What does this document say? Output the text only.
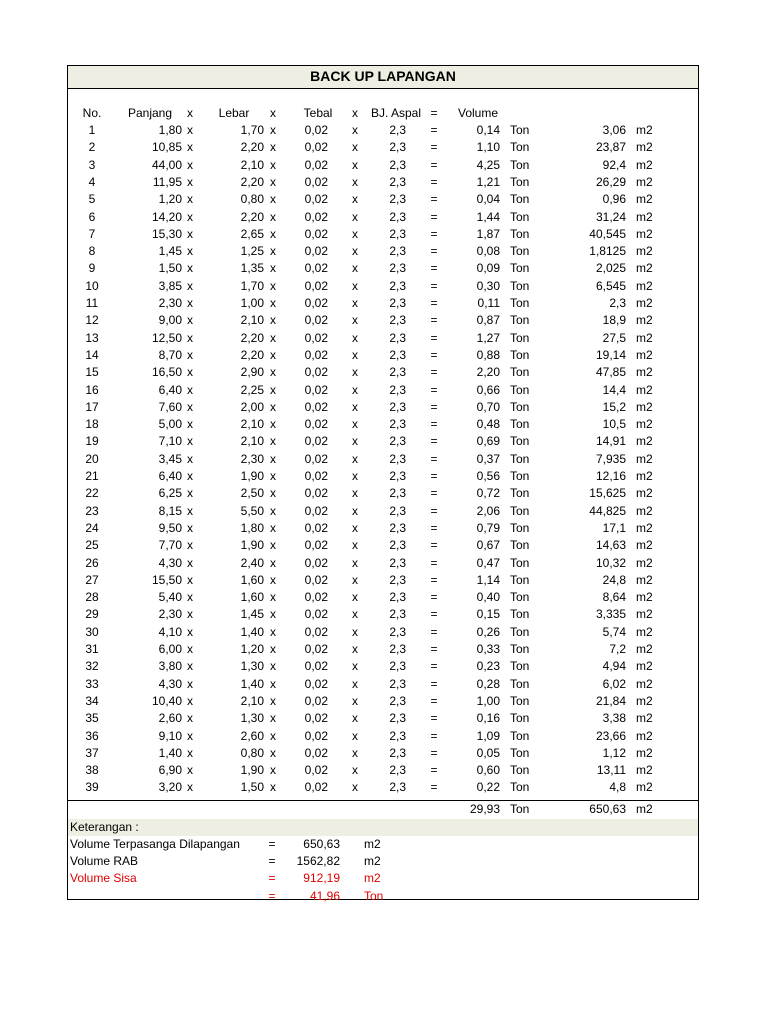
BACK UP LAPANGAN
No.	Panjang	x	Lebar	x	Tebal	x	BJ. Aspal =	Volume
1	1,80 x	1,70 x	0,02	x	2,3	=	0,14 Ton	3,06 m2
2	10,85 x	2,20 x	0,02	x	2,3	=	1,10 Ton	23,87 m2
3	44,00 x	2,10 x	0,02	x	2,3	=	4,25 Ton	92,4 m2
4	11,95 x	2,20 x	0,02	x	2,3	=	1,21 Ton	26,29 m2
5	1,20 x	0,80 x	0,02	x	2,3	=	0,04 Ton	0,96 m2
6	14,20 x	2,20 x	0,02	x	2,3	=	1,44 Ton	31,24 m2
7	15,30 x	2,65 x	0,02	x	2,3	=	1,87 Ton	40,545 m2
8	1,45 x	1,25 x	0,02	x	2,3	=	0,08 Ton	1,8125 m2
9	1,50 x	1,35 x	0,02	x	2,3	=	0,09 Ton	2,025 m2
10	3,85 x	1,70 x	0,02	x	2,3	=	0,30 Ton	6,545 m2
11	2,30 x	1,00 x	0,02	x	2,3	=	0,11 Ton	2,3 m2
12	9,00 x	2,10 x	0,02	x	2,3	=	0,87 Ton	18,9 m2
13	12,50 x	2,20 x	0,02	x	2,3	=	1,27 Ton	27,5 m2
14	8,70 x	2,20 x	0,02	x	2,3	=	0,88 Ton	19,14 m2
15	16,50 x	2,90 x	0,02	x	2,3	=	2,20 Ton	47,85 m2
16	6,40 x	2,25 x	0,02	x	2,3	=	0,66 Ton	14,4 m2
17	7,60 x	2,00 x	0,02	x	2,3	=	0,70 Ton	15,2 m2
18	5,00 x	2,10 x	0,02	x	2,3	=	0,48 Ton	10,5 m2
19	7,10 x	2,10 x	0,02	x	2,3	=	0,69 Ton	14,91 m2
20	3,45 x	2,30 x	0,02	x	2,3	=	0,37 Ton	7,935 m2
21	6,40 x	1,90 x	0,02	x	2,3	=	0,56 Ton	12,16 m2
22	6,25 x	2,50 x	0,02	x	2,3	=	0,72 Ton	15,625 m2
23	8,15 x	5,50 x	0,02	x	2,3	=	2,06 Ton	44,825 m2
24	9,50 x	1,80 x	0,02	x	2,3	=	0,79 Ton	17,1 m2
25	7,70 x	1,90 x	0,02	x	2,3	=	0,67 Ton	14,63 m2
26	4,30 x	2,40 x	0,02	x	2,3	=	0,47 Ton	10,32 m2
27	15,50 x	1,60 x	0,02	x	2,3	=	1,14 Ton	24,8 m2
28	5,40 x	1,60 x	0,02	x	2,3	=	0,40 Ton	8,64 m2
29	2,30 x	1,45 x	0,02	x	2,3	=	0,15 Ton	3,335 m2
30	4,10 x	1,40 x	0,02	x	2,3	=	0,26 Ton	5,74 m2
31	6,00 x	1,20 x	0,02	x	2,3	=	0,33 Ton	7,2 m2
32	3,80 x	1,30 x	0,02	x	2,3	=	0,23 Ton	4,94 m2
33	4,30 x	1,40 x	0,02	x	2,3	=	0,28 Ton	6,02 m2
34	10,40 x	2,10 x	0,02	x	2,3	=	1,00 Ton	21,84 m2
35	2,60 x	1,30 x	0,02	x	2,3	=	0,16 Ton	3,38 m2
36	9,10 x	2,60 x	0,02	x	2,3	=	1,09 Ton	23,66 m2
37	1,40 x	0,80 x	0,02	x	2,3	=	0,05 Ton	1,12 m2
38	6,90 x	1,90 x	0,02	x	2,3	=	0,60 Ton	13,11 m2
39	3,20 x	1,50 x	0,02	x	2,3	=	0,22 Ton	4,8 m2
29,93 Ton	650,63 m2
Keterangan :
Volume Terpasanga Dilapangan	=	650,63 m2
Volume RAB	=	1562,82 m2
Volume Sisa	=	912,19 m2
=	41,96 Ton
